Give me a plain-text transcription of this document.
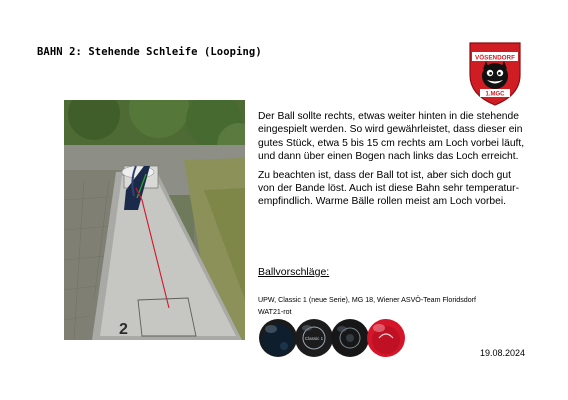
BAHN 2: Stehende Schleife (Looping)	VÖSENDORF
1.MGC
2

Der Ball sollte rechts, etwas weiter hinten in die stehende eingespielt werden. So wird gewährleistet, dass dieser ein gutes Stück, etwa 5 bis 15 cm rechts am Loch vorbei läuft, und dann über einen Bogen nach links das Loch erreicht.

Zu beachten ist, dass der Ball tot ist, aber sich doch gut von der Bande löst. Auch ist diese Bahn sehr temperatur-empfindlich. Warme Bälle rollen meist am Loch vorbei.

Ballvorschläge:
UPW, Classic 1 (neue Serie), MG 18, Wiener ASVÖ-Team Floridsdorf
WAT21-rot
Classic 1
19.08.2024
